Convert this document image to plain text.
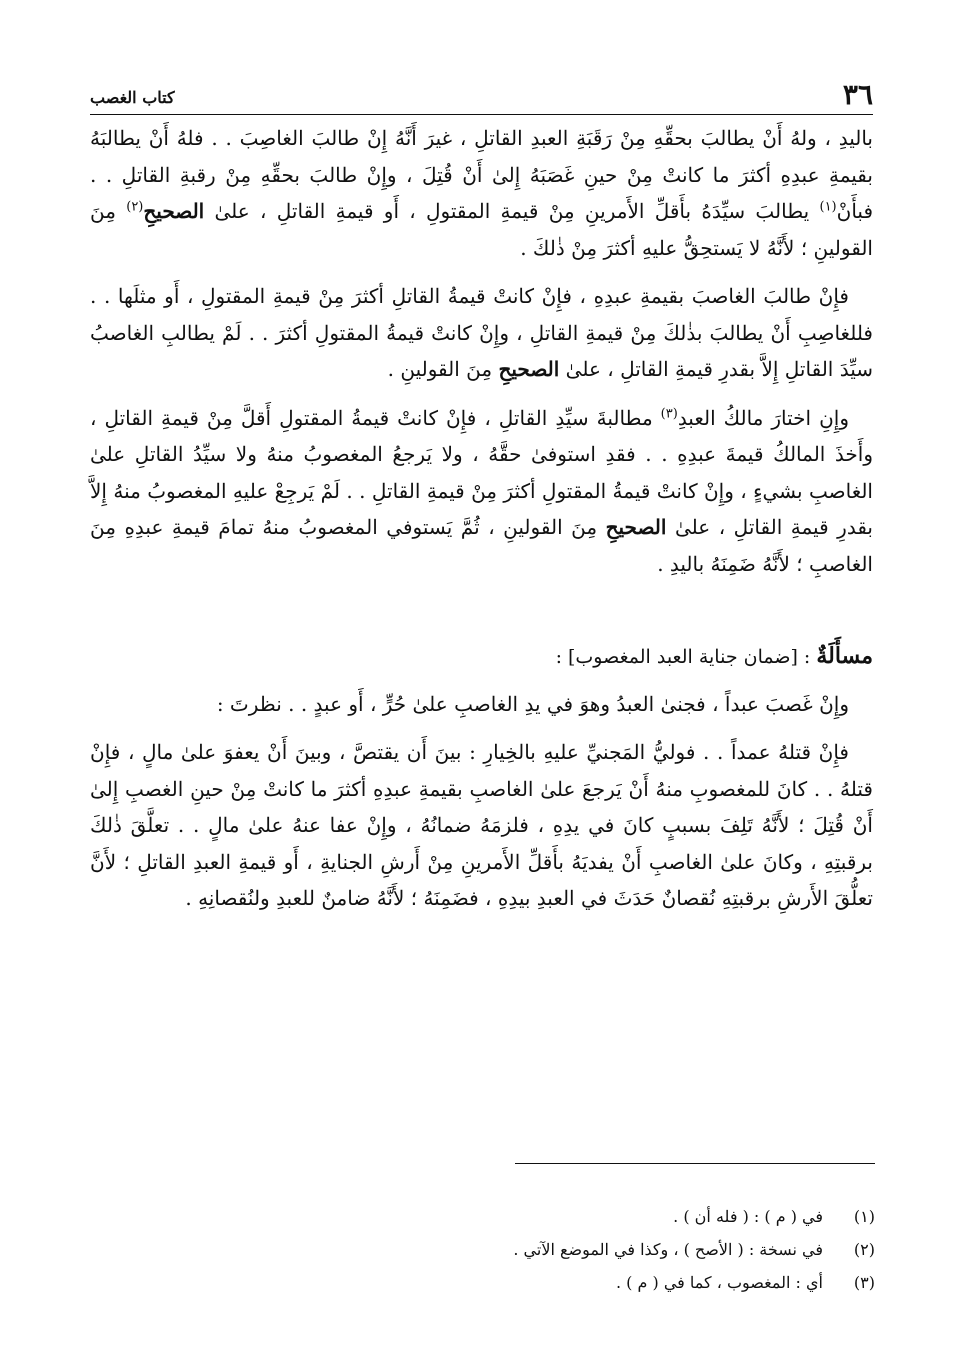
٣٦
كتاب الغصب

باليدِ ، ولهُ أَنْ يطالبَ بحقِّهِ مِنْ رَقَبَةِ العبدِ القاتلِ ، غيرَ أَنَّهُ إِنْ طالبَ الغاصِبَ . . فلهُ أَنْ يطالبَهُ بقيمةِ عبدِهِ أكثرَ ما كانتْ مِنْ حينِ غَصَبَهُ إِلىٰ أَنْ قُتِلَ ، وإِنْ طالبَ بحقِّهِ مِنْ رقبةِ القاتلِ . . فبأَنْ$^{(١)}$ يطالبَ سيِّدَهُ بأَقلِّ الأَمرينِ مِنْ قيمةِ المقتولِ ، أَو قيمةِ القاتلِ ، علىٰ الصحيحِ$^{(٢)}$ مِنَ القولينِ ؛ لأَنَّهُ لا يَستحِقُّ عليهِ أكثرَ مِنْ ذٰلكَ .

فإِنْ طالبَ الغاصبَ بقيمةِ عبدِهِ ، فإِنْ كانتْ قيمةُ القاتلِ أكثرَ مِنْ قيمةِ المقتولِ ، أَو مثلَها . . فللغاصِبِ أَنْ يطالبَ بذٰلكَ مِنْ قيمةِ القاتلِ ، وإِنْ كانتْ قيمةُ المقتولِ أكثرَ . . لَمْ يطالبِ الغاصبُ سيِّدَ القاتلِ إِلاَّ بقدرِ قيمةِ القاتلِ ، علىٰ الصحيحِ مِنَ القولينِ .

وإِنِ اختارَ مالكُ العبدِ$^{(٣)}$ مطالبةَ سيِّدِ القاتلِ ، فإِنْ كانتْ قيمةُ المقتولِ أَقلَّ مِنْ قيمةِ القاتلِ ، وأَخذَ المالكُ قيمةَ عبدِهِ . . فقدِ استوفىٰ حقَّهُ ، ولا يَرجعُ المغصوبُ منهُ ولا سيِّدُ القاتلِ علىٰ الغاصبِ بشيءٍ ، وإِنْ كانتْ قيمةُ المقتولِ أكثرَ مِنْ قيمةِ القاتلِ . . لَمْ يَرجِعْ عليهِ المغصوبُ منهُ إِلاَّ بقدرِ قيمةِ القاتلِ ، علىٰ الصحيحِ مِنَ القولينِ ، ثُمَّ يَستوفي المغصوبُ منهُ تمامَ قيمةِ عبدِهِ مِنَ الغاصبِ ؛ لأَنَّهُ ضَمِنَهُ باليدِ .

مسأَلَةٌ : [ضمان جناية العبد المغصوب] :

وإِنْ غَصبَ عبداً ، فجنىٰ العبدُ وهوَ في يدِ الغاصبِ علىٰ حُرٍّ ، أَو عبدٍ . . نظرتَ :

فإِنْ قتلهُ عمداً . . فوليُّ المَجنيِّ عليهِ بالخِيارِ : بينَ أَن يقتصَّ ، وبينَ أَنْ يعفوَ علىٰ مالٍ ، فإِنْ قتلهُ . . كانَ للمغصوبِ منهُ أَنْ يَرجعَ علىٰ الغاصبِ بقيمةِ عبدِهِ أكثرَ ما كانتْ مِنْ حينِ الغصبِ إِلىٰ أَنْ قُتِلَ ؛ لأَنَّهُ تَلِفَ بسببٍ كانَ في يدِهِ ، فلزمَهُ ضمانُهُ ، وإِنْ عفا عنهُ علىٰ مالٍ . . تعلَّقَ ذٰلكَ برقبتِهِ ، وكانَ علىٰ الغاصبِ أَنْ يفديَهُ بأَقلِّ الأَمرينِ مِنْ أَرشِ الجنايةِ ، أَو قيمةِ العبدِ القاتلِ ؛ لأَنَّ تعلُّقَ الأَرشِ برقبتِهِ نُقصانٌ حَدَثَ في العبدِ بيدِهِ ، فضَمِنَهُ ؛ لأَنَّهُ ضامنٌ للعبدِ ولنُقصانِهِ .

(١)
في ( م ) : ( فله أن ) .
(٢)
في نسخة : ( الأصح ) ، وكذا في الموضع الآتي .
(٣)
أي : المغصوب ، كما في ( م ) .
